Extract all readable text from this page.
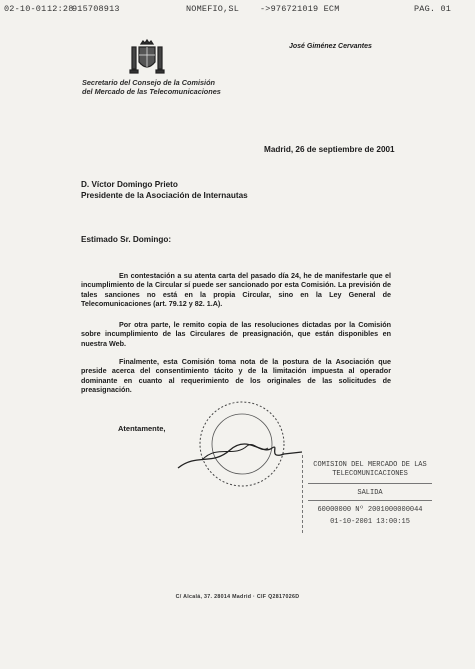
02-10-01 12:28
915708913	NOMEFIO,SL ->976721019 ECM	PAG. 01
José Giménez Cervantes
Secretario del Consejo de la Comisión
del Mercado de las Telecomunicaciones
Madrid, 26 de septiembre de 2001
D. Víctor Domingo Prieto
Presidente de la Asociación de Internautas
Estimado Sr. Domingo:

En contestación a su atenta carta del pasado día 24, he de manifestarle que el incumplimiento de la Circular sí puede ser sancionado por esta Comisión. La previsión de tales sanciones no está en la propia Circular, sino en la Ley General de Telecomunicaciones (art. 79.12 y 82. 1.A).

Por otra parte, le remito copia de las resoluciones dictadas por la Comisión sobre incumplimiento de las Circulares de preasignación, que están disponibles en nuestra Web.

Finalmente, esta Comisión toma nota de la postura de la Asociación que preside acerca del consentimiento tácito y de la limitación impuesta al operador dominante en cuanto al requerimiento de los originales de las solicitudes de preasignación.

Atentamente,
COMISION DEL MERCADO DE LAS
TELECOMUNICACIONES
SALIDA
60000000 Nº 2001000000044
01-10-2001 13:00:15
C/ Alcalá, 37. 28014 Madrid · CIF Q2817026D
